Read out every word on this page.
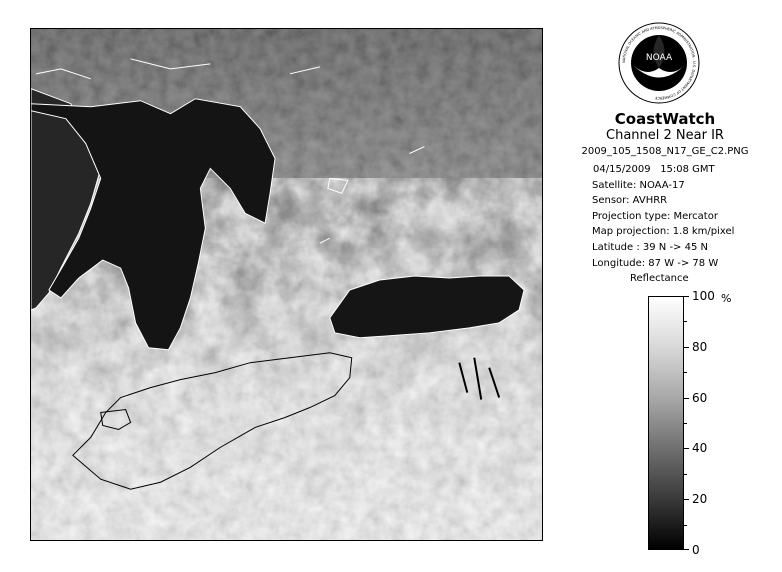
NOAA
NATIONAL OCEANIC AND ATMOSPHERIC ADMINISTRATION · U.S. DEPARTMENT OF COMMERCE
CoastWatch
Channel 2 Near IR
2009_105_1508_N17_GE_C2.PNG
04/15/2009 15:08 GMT
Satellite: NOAA-17
Sensor: AVHRR
Projection type: Mercator
Map projection: 1.8 km/pixel
Latitude : 39 N -> 45 N
Longitude: 87 W -> 78 W
Reflectance
100
80
60
40
20
0
%
